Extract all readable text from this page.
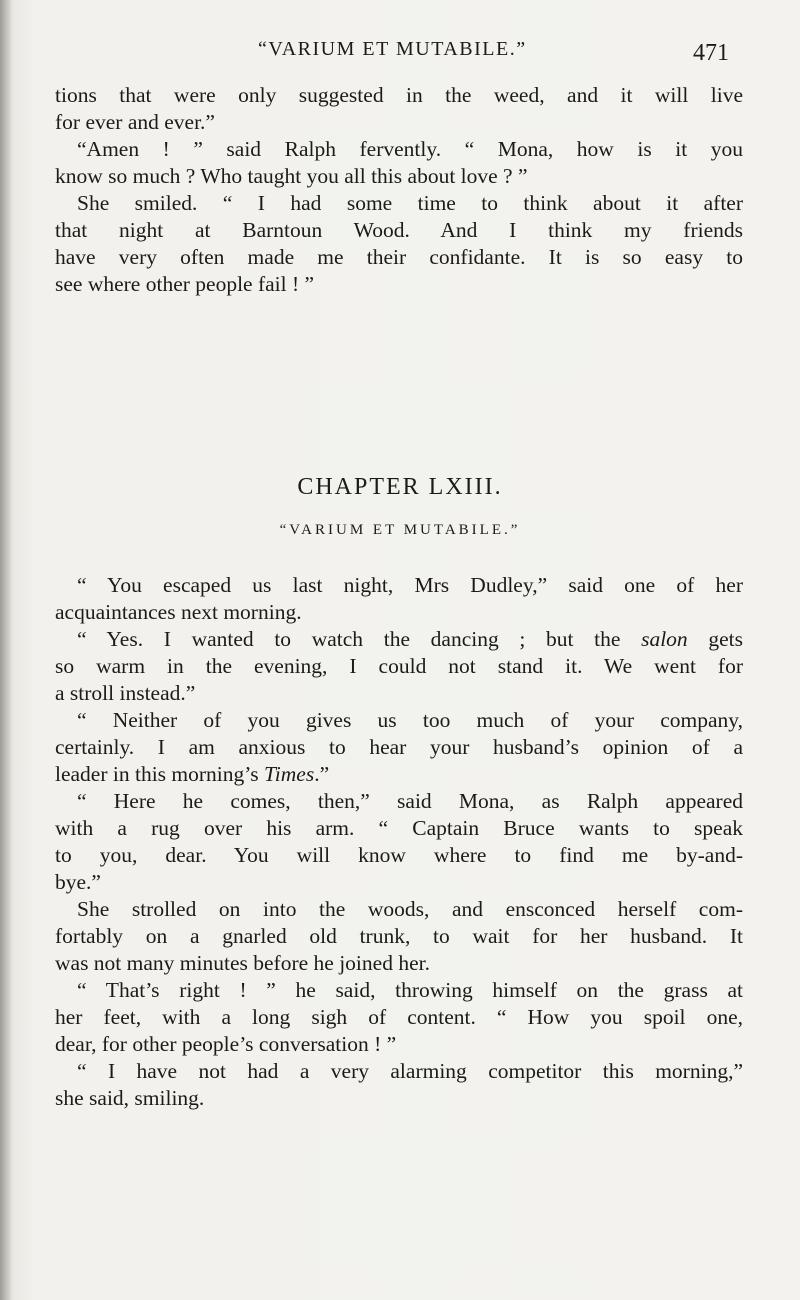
“VARIUM ET MUTABILE.”	471
tions that were only suggested in the weed, and it will live
for ever and ever.”
“Amen ! ” said Ralph fervently. “ Mona, how is it you
know so much ? Who taught you all this about love ? ”
She smiled. “ I had some time to think about it after
that night at Barntoun Wood. And I think my friends
have very often made me their confidante. It is so easy to
see where other people fail ! ”
CHAPTER LXIII.
“VARIUM ET MUTABILE.”
“ You escaped us last night, Mrs Dudley,” said one of her
acquaintances next morning.
“ Yes. I wanted to watch the dancing ; but the salon gets
so warm in the evening, I could not stand it. We went for
a stroll instead.”
“ Neither of you gives us too much of your company,
certainly. I am anxious to hear your husband’s opinion of a
leader in this morning’s Times.”
“ Here he comes, then,” said Mona, as Ralph appeared
with a rug over his arm. “ Captain Bruce wants to speak
to you, dear. You will know where to find me by-and-
bye.”
She strolled on into the woods, and ensconced herself com-
fortably on a gnarled old trunk, to wait for her husband. It
was not many minutes before he joined her.
“ That’s right ! ” he said, throwing himself on the grass at
her feet, with a long sigh of content. “ How you spoil one,
dear, for other people’s conversation ! ”
“ I have not had a very alarming competitor this morning,”
she said, smiling.
